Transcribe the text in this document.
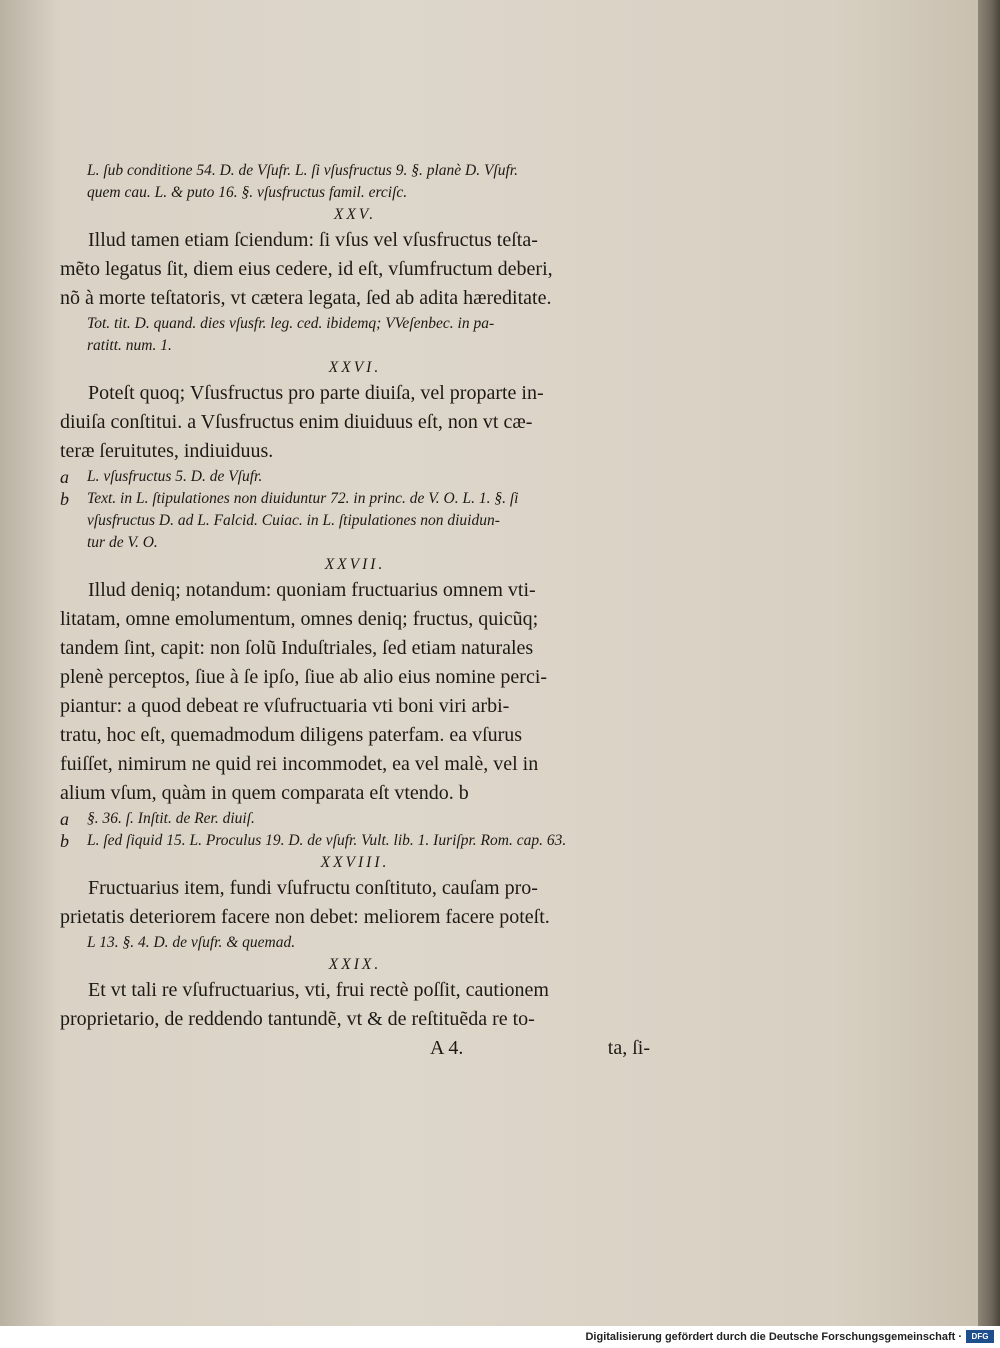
L. ſub conditione 54. D. de Vſufr. L. ſi vſusfructus 9. §. planè D. Vſufr.
quem cau. L. & puto 16. §. vſusfructus famil. erciſc.
XXV.
Illud tamen etiam ſciendum: ſi vſus vel vſusfructus teſta-
mẽto legatus ſit, diem eius cedere, id eſt, vſumfructum deberi,
nõ à morte teſtatoris, vt cætera legata, ſed ab adita hæreditate.
Tot. tit. D. quand. dies vſusfr. leg. ced. ibidemq; VVeſenbec. in pa-
ratitt. num. 1.
XXVI.
Poteſt quoq; Vſusfructus pro parte diuiſa, vel proparte in-
diuiſa conſtitui. a Vſusfructus enim diuiduus eſt, non vt cæ-
teræ ſeruitutes, indiuiduus.
a	L. vſusfructus 5. D. de Vſufr.
b	Text. in L. ſtipulationes non diuiduntur 72. in princ. de V. O. L. 1. §. ſi
vſusfructus D. ad L. Falcid. Cuiac. in L. ſtipulationes non diuidun-
tur de V. O.
XXVII.
Illud deniq; notandum: quoniam fructuarius omnem vti-
litatam, omne emolumentum, omnes deniq; fructus, quicũq;
tandem ſint, capit: non ſolũ Induſtriales, ſed etiam naturales
plenè perceptos, ſiue à ſe ipſo, ſiue ab alio eius nomine perci-
piantur: a quod debeat re vſufructuaria vti boni viri arbi-
tratu, hoc eſt, quemadmodum diligens paterfam. ea vſurus
fuiſſet, nimirum ne quid rei incommodet, ea vel malè, vel in
alium vſum, quàm in quem comparata eſt vtendo. b
a	§. 36. ſ. Inſtit. de Rer. diuiſ.
b	L. ſed ſiquid 15. L. Proculus 19. D. de vſufr. Vult. lib. 1. Iuriſpr. Rom. cap. 63.
XXVIII.
Fructuarius item, fundi vſufructu conſtituto, cauſam pro-
prietatis deteriorem facere non debet: meliorem facere poteſt.
L 13. §. 4. D. de vſufr. & quemad.
XXIX.
Et vt tali re vſufructuarius, vti, frui rectè poſſit, cautionem
proprietario, de reddendo tantundẽ, vt & de reſtituẽda re to-
A 4.	ta, ſi-
Digitalisierung gefördert durch die Deutsche Forschungsgemeinschaft ·	DFG
